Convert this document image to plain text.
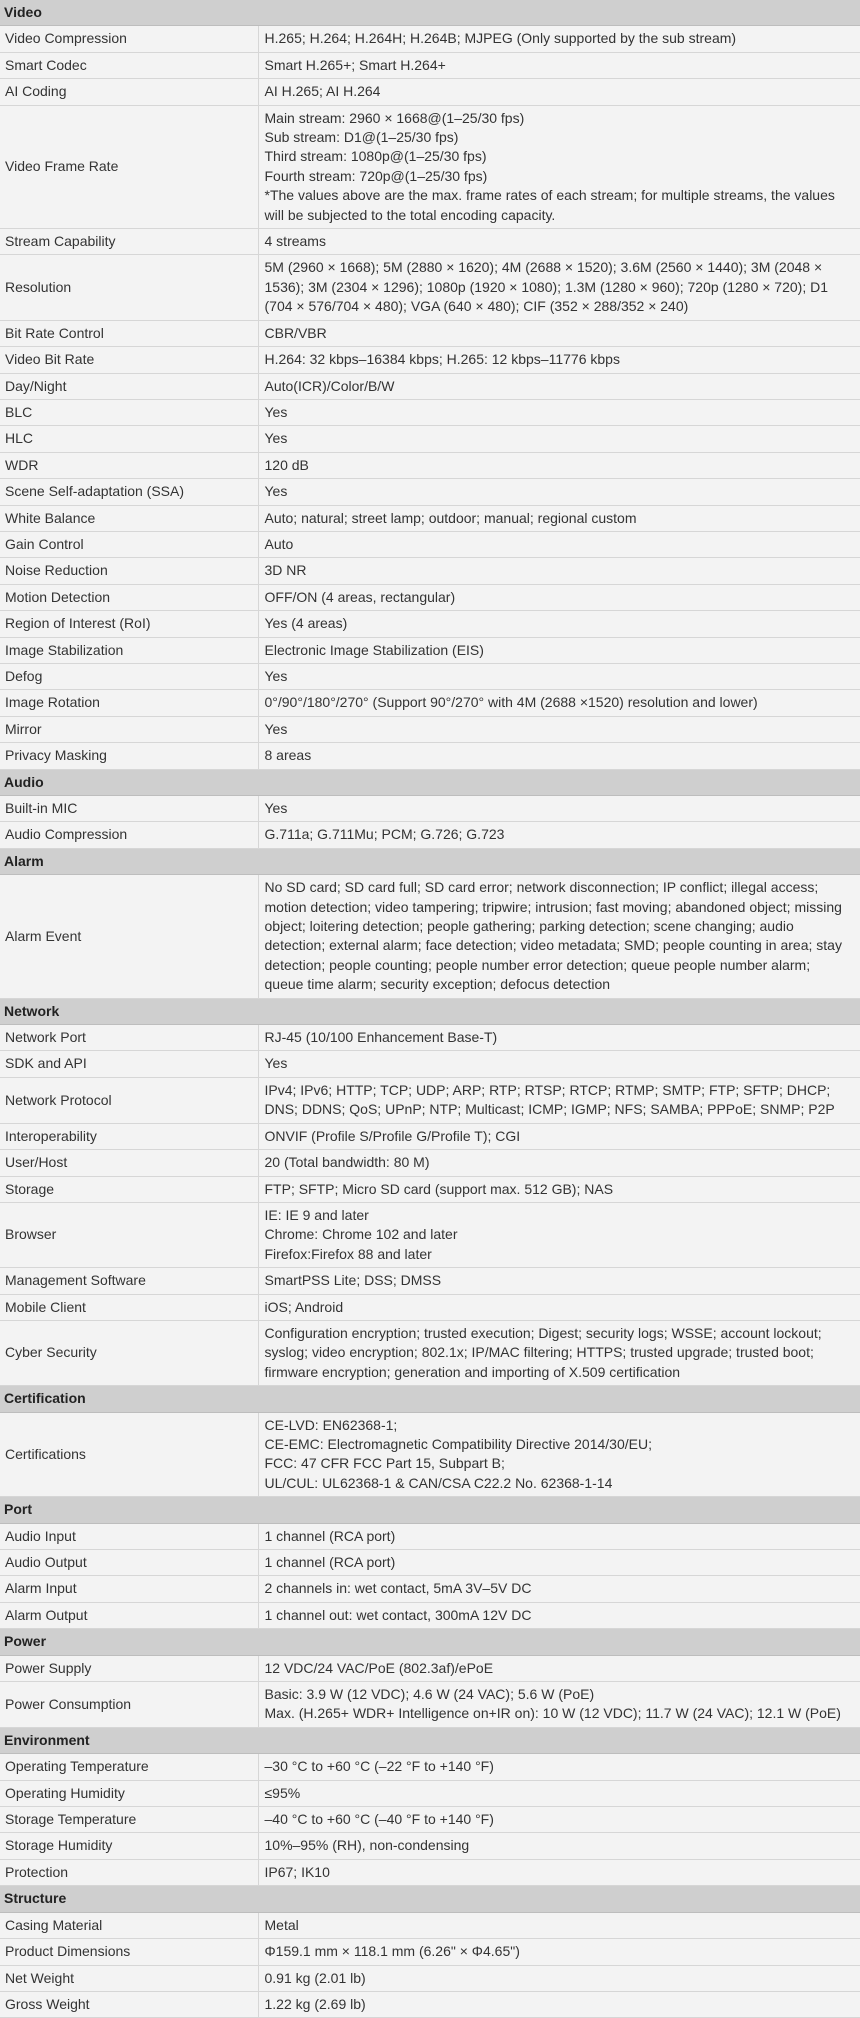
Video	
Video Compression	H.265; H.264; H.264H; H.264B; MJPEG (Only supported by the sub stream)

Smart Codec	Smart H.265+; Smart H.264+

AI Coding	AI H.265; AI H.264

Video Frame Rate	Main stream: 2960 × 1668@(1–25/30 fps)
Sub stream: D1@(1–25/30 fps)
Third stream: 1080p@(1–25/30 fps)
Fourth stream: 720p@(1–25/30 fps)
*The values above are the max. frame rates of each stream; for multiple streams, the values will be subjected to the total encoding capacity.

Stream Capability	4 streams

Resolution	5M (2960 × 1668); 5M (2880 × 1620); 4M (2688 × 1520); 3.6M (2560 × 1440); 3M (2048 × 1536); 3M (2304 × 1296); 1080p (1920 × 1080); 1.3M (1280 × 960); 720p (1280 × 720); D1 (704 × 576/704 × 480); VGA (640 × 480); CIF (352 × 288/352 × 240)

Bit Rate Control	CBR/VBR

Video Bit Rate	H.264: 32 kbps–16384 kbps; H.265: 12 kbps–11776 kbps

Day/Night	Auto(ICR)/Color/B/W

BLC	Yes

HLC	Yes

WDR	120 dB

Scene Self-adaptation (SSA)	Yes

White Balance	Auto; natural; street lamp; outdoor; manual; regional custom

Gain Control	Auto

Noise Reduction	3D NR

Motion Detection	OFF/ON (4 areas, rectangular)

Region of Interest (RoI)	Yes (4 areas)

Image Stabilization	Electronic Image Stabilization (EIS)

Defog	Yes

Image Rotation	0°/90°/180°/270° (Support 90°/270° with 4M (2688 ×1520) resolution and lower)

Mirror	Yes

Privacy Masking	8 areas

Audio	
Built-in MIC	Yes

Audio Compression	G.711a; G.711Mu; PCM; G.726; G.723

Alarm	
Alarm Event	No SD card; SD card full; SD card error; network disconnection; IP conflict; illegal access; motion detection; video tampering; tripwire; intrusion; fast moving; abandoned object; missing object; loitering detection; people gathering; parking detection; scene changing; audio detection; external alarm; face detection; video metadata; SMD; people counting in area; stay detection; people counting; people number error detection; queue people number alarm; queue time alarm; security exception; defocus detection

Network	
Network Port	RJ-45 (10/100 Enhancement Base-T)

SDK and API	Yes

Network Protocol	IPv4; IPv6; HTTP; TCP; UDP; ARP; RTP; RTSP; RTCP; RTMP; SMTP; FTP; SFTP; DHCP; DNS; DDNS; QoS; UPnP; NTP; Multicast; ICMP; IGMP; NFS; SAMBA; PPPoE; SNMP; P2P

Interoperability	ONVIF (Profile S/Profile G/Profile T); CGI

User/Host	20 (Total bandwidth: 80 M)

Storage	FTP; SFTP; Micro SD card (support max. 512 GB); NAS

Browser	IE: IE 9 and later
Chrome: Chrome 102 and later
Firefox:Firefox 88 and later

Management Software	SmartPSS Lite; DSS; DMSS

Mobile Client	iOS; Android

Cyber Security	Configuration encryption; trusted execution; Digest; security logs; WSSE; account lockout; syslog; video encryption; 802.1x; IP/MAC filtering; HTTPS; trusted upgrade; trusted boot; firmware encryption; generation and importing of X.509 certification

Certification	
Certifications	CE-LVD: EN62368-1;
CE-EMC: Electromagnetic Compatibility Directive 2014/30/EU;
FCC: 47 CFR FCC Part 15, Subpart B;
UL/CUL: UL62368-1 & CAN/CSA C22.2 No. 62368-1-14

Port	
Audio Input	1 channel (RCA port)

Audio Output	1 channel (RCA port)

Alarm Input	2 channels in: wet contact, 5mA 3V–5V DC

Alarm Output	1 channel out: wet contact, 300mA 12V DC

Power	
Power Supply	12 VDC/24 VAC/PoE (802.3af)/ePoE

Power Consumption	Basic: 3.9 W (12 VDC); 4.6 W (24 VAC); 5.6 W (PoE)
Max. (H.265+ WDR+ Intelligence on+IR on): 10 W (12 VDC); 11.7 W (24 VAC); 12.1 W (PoE)

Environment	
Operating Temperature	–30 °C to +60 °C (–22 °F to +140 °F)

Operating Humidity	≤95%

Storage Temperature	–40 °C to +60 °C (–40 °F to +140 °F)

Storage Humidity	10%–95% (RH), non-condensing

Protection	IP67; IK10

Structure	
Casing Material	Metal

Product Dimensions	Φ159.1 mm × 118.1 mm (6.26" × Φ4.65")

Net Weight	0.91 kg (2.01 lb)

Gross Weight	1.22 kg (2.69 lb)
